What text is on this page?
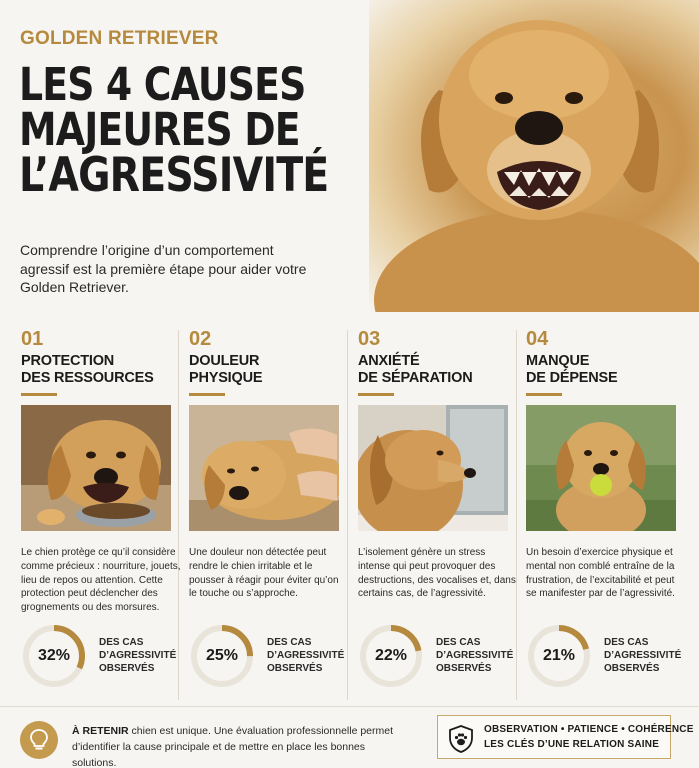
GOLDEN RETRIEVER
LES 4 CAUSES
MAJEURES DE
L’AGRESSIVITÉ
Comprendre l’origine d’un comportement agressif est la première étape pour aider votre Golden Retriever.
01
PROTECTION
DES RESSOURCES
Le chien protège ce qu’il considère comme précieux : nourriture, jouets, lieu de repos ou attention. Cette protection peut déclencher des grognements ou des morsures.
32%
DES CAS D’AGRESSIVITÉ OBSERVÉS
02
DOULEUR
PHYSIQUE
Une douleur non détectée peut rendre le chien irritable et le pousser à réagir pour éviter qu’on le touche ou s’approche.
25%
DES CAS D’AGRESSIVITÉ OBSERVÉS
03
ANXIÉTÉ
DE SÉPARATION
L’isolement génère un stress intense qui peut provoquer des destructions, des vocalises et, dans certains cas, de l’agressivité.
22%
DES CAS D’AGRESSIVITÉ OBSERVÉS
04
MANQUE
DE DÉPENSE
Un besoin d’exercice physique et mental non comblé entraîne de la frustration, de l’excitabilité et peut se manifester par de l’agressivité.
21%
DES CAS D’AGRESSIVITÉ OBSERVÉS
À RETENIR chien est unique. Une évaluation professionnelle permet d’identifier la cause principale et de mettre en place les bonnes solutions.
OBSERVATION • PATIENCE • COHÉRENCE
LES CLÉS D’UNE RELATION SAINE
